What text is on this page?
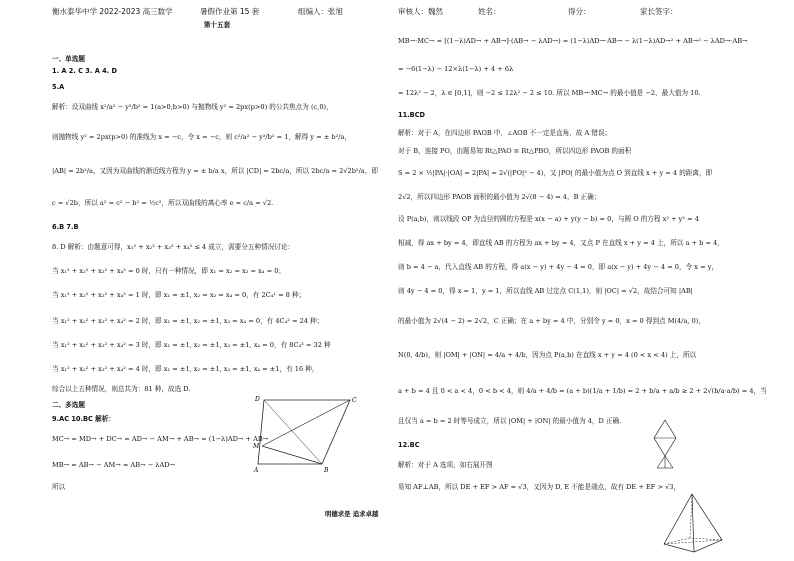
衡水泰华中学 2022-2023 高三数学	暑假作业第 15 套	组编人：张旭	审核人：魏然	姓名：	得分：	家长签字：
第十五套
一、单选题
1. A 2. C 3. A 4. D
5.A
解析：设双曲线 x²/a² − y²/b² = 1(a>0,b>0) 与抛物线 y² = 2px(p>0) 的公共焦点为 (c,0)，
则抛物线 y² = 2px(p>0) 的准线为 x = −c，令 x = −c，则 c²/a² − y²/b² = 1，解得 y = ± b²/a，
|AB| = 2b²/a，又因为双曲线的渐近线方程为 y = ± b/a x，所以 |CD| = 2bc/a，所以 2bc/a = 2√2b²/a，即
c = √2b，所以 a² = c² − b² = ½c²，所以双曲线的离心率 e = c/a = √2.
6.B 7.B
8. D 解析：由题意可得，x₁² + x₂² + x₃² + x₄² ≤ 4 成立，需要分五种情况讨论：
当 x₁² + x₂² + x₃² + x₄² = 0 时，只有一种情况，即 x₁ = x₂ = x₃ = x₄ = 0；
当 x₁² + x₂² + x₃² + x₄² = 1 时，即 x₁ = ±1, x₂ = x₃ = x₄ = 0，有 2C₄¹ = 8 种；
当 x₁² + x₂² + x₃² + x₄² = 2 时，即 x₁ = ±1, x₂ = ±1, x₃ = x₄ = 0，有 4C₄² = 24 种；
当 x₁² + x₂² + x₃² + x₄² = 3 时，即 x₁ = ±1, x₂ = ±1, x₃ = ±1, x₄ = 0，有 8C₄³ = 32 种
当 x₁² + x₂² + x₃² + x₄² = 4 时，即 x₁ = ±1, x₂ = ±1, x₃ = ±1, x₄ = ±1，有 16 种，
综合以上五种情况，则总共为：81 种，故选 D.
二、多选题
9.AC 10.BC 解析：
MC→ = MD→ + DC→ = AD→ − AM→ + AB→ = (1−λ)AD→ + AB→
MB→ = AB→ − AM→ = AB→ − λAD→
所以
D	C
M
A	B
MB→·MC→ = [(1−λ)AD→ + AB→]·(AB→ − λAD→) = (1−λ)AD→·AB→ − λ(1−λ)AD→² + AB→² − λAD→·AB→
= −6(1−λ) − 12×λ(1−λ) + 4 + 6λ
= 12λ² − 2，λ ∈ [0,1]，则 −2 ≤ 12λ² − 2 ≤ 10. 所以 MB→·MC→ 的最小值是 −2，最大值为 10.
11.BCD
解析：对于 A，在四边形 PAOB 中，∠AOB 不一定是直角，故 A 错误；
对于 B，连接 PO，由题易知 Rt△PAO ≌ Rt△PBO，所以四边形 PAOB 的面积
S = 2 × ½|PA|·|OA| = 2|PA| = 2√(|PO|² − 4)，又 |PO| 的最小值为点 O 到直线 x + y = 4 的距离，即
2√2，所以四边形 PAOB 面积的最小值为 2√(8 − 4) = 4，B 正确；
设 P(a,b)，则以线段 OP 为直径的圆的方程是 x(x − a) + y(y − b) = 0，与圆 O 的方程 x² + y² = 4
相减，得 ax + by = 4，即直线 AB 的方程为 ax + by = 4，又点 P 在直线 x + y = 4 上，所以 a + b = 4，
则 b = 4 − a，代入直线 AB 的方程，得 a(x − y) + 4y − 4 = 0，即 a(x − y) + 4y − 4 = 0，令 x = y，
则 4y − 4 = 0，得 x = 1，y = 1，所以直线 AB 过定点 C(1,1)，则 |OC| = √2，故结合可知 |AB|
的最小值为 2√(4 − 2) = 2√2，C 正确；在 a + by = 4 中，分别令 y = 0，x = 0 得到点 M(4/a, 0)，
N(0, 4/b)，则 |OM| + |ON| = 4/a + 4/b，因为点 P(a,b) 在直线 x + y = 4 (0 < x < 4) 上，所以
a + b = 4 且 0 < a < 4，0 < b < 4，则 4/a + 4/b = (a + b)(1/a + 1/b) = 2 + b/a + a/b ≥ 2 + 2√(b/a·a/b) = 4，当
且仅当 a = b = 2 时等号成立，所以 |OM| + |ON| 的最小值为 4，D 正确.
12.BC
解析：对于 A 选项，如右展开图
易知 AF⊥AB，所以 DE + EF > AF = √3，又因为 D, E 不能是端点，故有 DE + EF > √3，
明德求是 追求卓越
